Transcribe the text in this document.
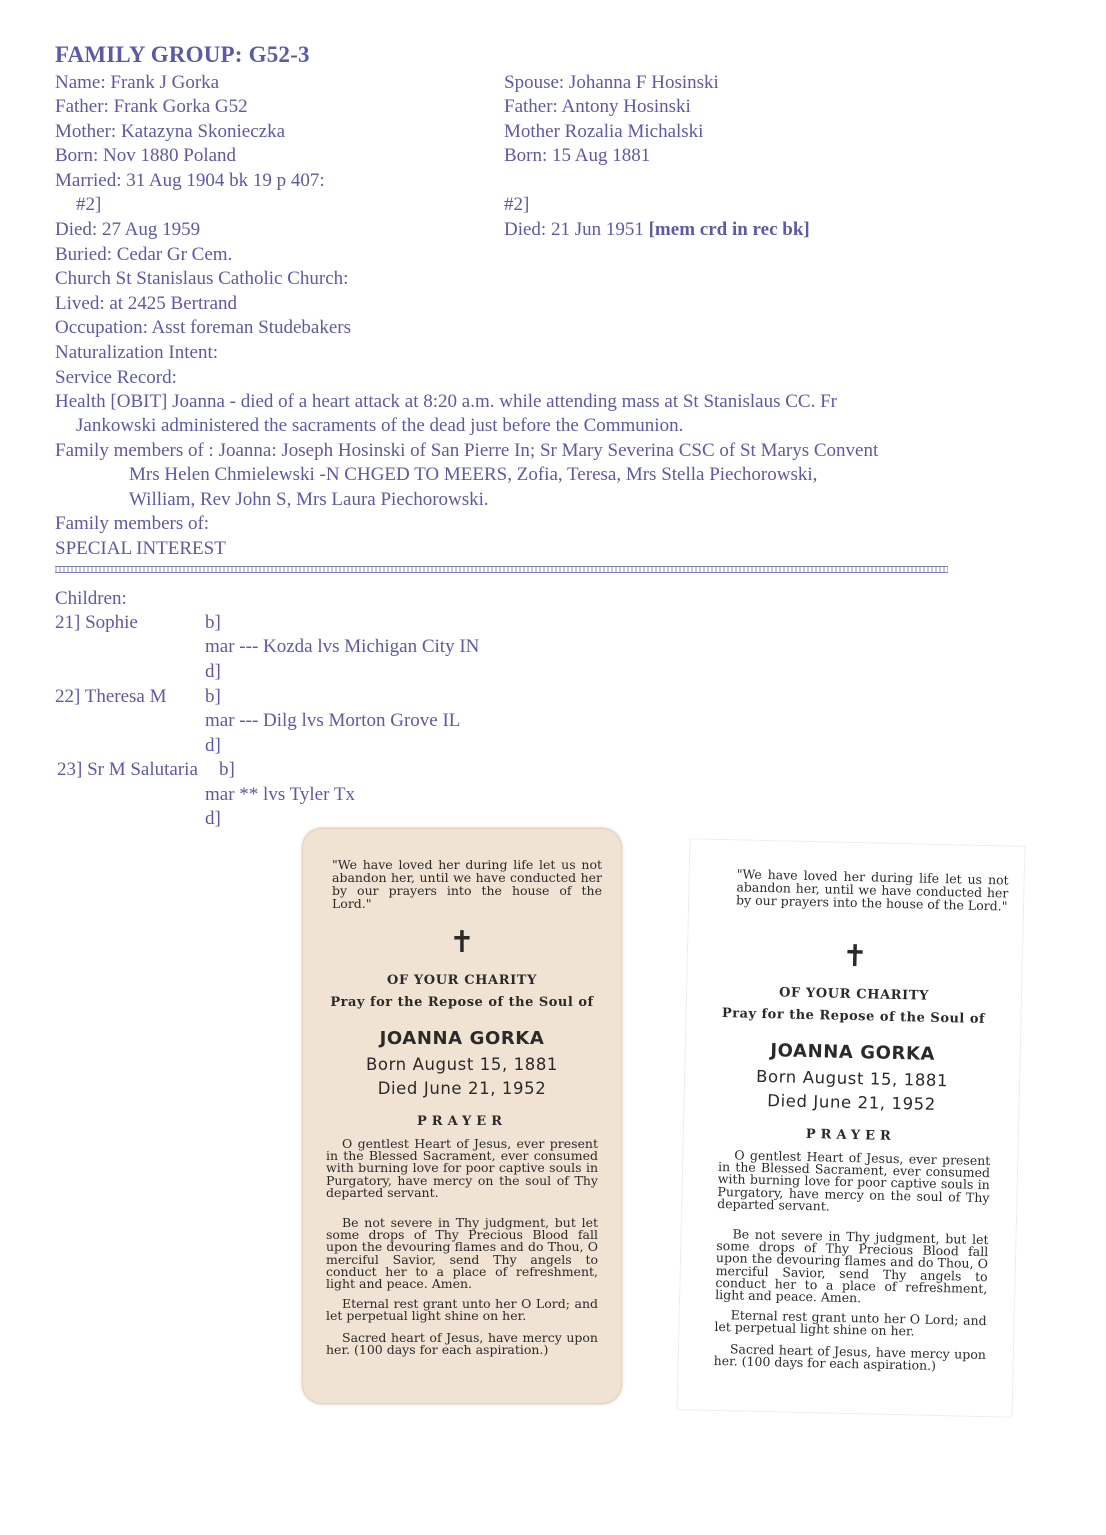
FAMILY GROUP: G52-3
Name: Frank J Gorka
Father: Frank Gorka G52
Mother: Katazyna Skonieczka
Born: Nov 1880 Poland
Married: 31 Aug 1904 bk 19 p 407:
#2]
Died: 27 Aug 1959
Buried: Cedar Gr Cem.
Church St Stanislaus Catholic Church:
Lived: at 2425 Bertrand
Occupation: Asst foreman Studebakers
Naturalization Intent:
Service Record:
Spouse: Johanna F Hosinski
Father: Antony Hosinski
Mother Rozalia Michalski
Born: 15 Aug 1881
#2]
Died: 21 Jun 1951 [mem crd in rec bk]
Health [OBIT] Joanna - died of a heart attack at 8:20 a.m. while attending mass at St Stanislaus CC. Fr
Jankowski administered the sacraments of the dead just before the Communion.
Family members of : Joanna: Joseph Hosinski of San Pierre In; Sr Mary Severina CSC of St Marys Convent
Mrs Helen Chmielewski -N CHGED TO MEERS, Zofia, Teresa, Mrs Stella Piechorowski,
William, Rev John S, Mrs Laura Piechorowski.
Family members of:
SPECIAL INTEREST
Children:
21] Sophie	b]
mar --- Kozda lvs Michigan City IN
d]
22] Theresa M b]
mar --- Dilg lvs Morton Grove IL
d]
23] Sr M Salutaria b]
mar ** lvs Tyler Tx
d]
"We have loved her during life let us not abandon her, until we have conducted her by our prayers into the house of the Lord."
✝
OF YOUR CHARITY
Pray for the Repose of the Soul of
JOANNA GORKA
Born August 15, 1881
Died June 21, 1952
PRAYER
O gentlest Heart of Jesus, ever present in the Blessed Sacrament, ever consumed with burning love for poor captive souls in Purgatory, have mercy on the soul of Thy departed servant.
Be not severe in Thy judgment, but let some drops of Thy Precious Blood fall upon the devouring flames and do Thou, O merciful Savior, send Thy angels to conduct her to a place of refreshment, light and peace. Amen.
Eternal rest grant unto her O Lord; and let perpetual light shine on her.
Sacred heart of Jesus, have mercy upon her. (100 days for each aspiration.)
"We have loved her during life let us not abandon her, until we have conducted her by our prayers into the house of the Lord."
✝
OF YOUR CHARITY
Pray for the Repose of the Soul of
JOANNA GORKA
Born August 15, 1881
Died June 21, 1952
PRAYER
O gentlest Heart of Jesus, ever present in the Blessed Sacrament, ever consumed with burning love for poor captive souls in Purgatory, have mercy on the soul of Thy departed servant.
Be not severe in Thy judgment, but let some drops of Thy Precious Blood fall upon the devouring flames and do Thou, O merciful Savior, send Thy angels to conduct her to a place of refreshment, light and peace. Amen.
Eternal rest grant unto her O Lord; and let perpetual light shine on her.
Sacred heart of Jesus, have mercy upon her. (100 days for each aspiration.)
